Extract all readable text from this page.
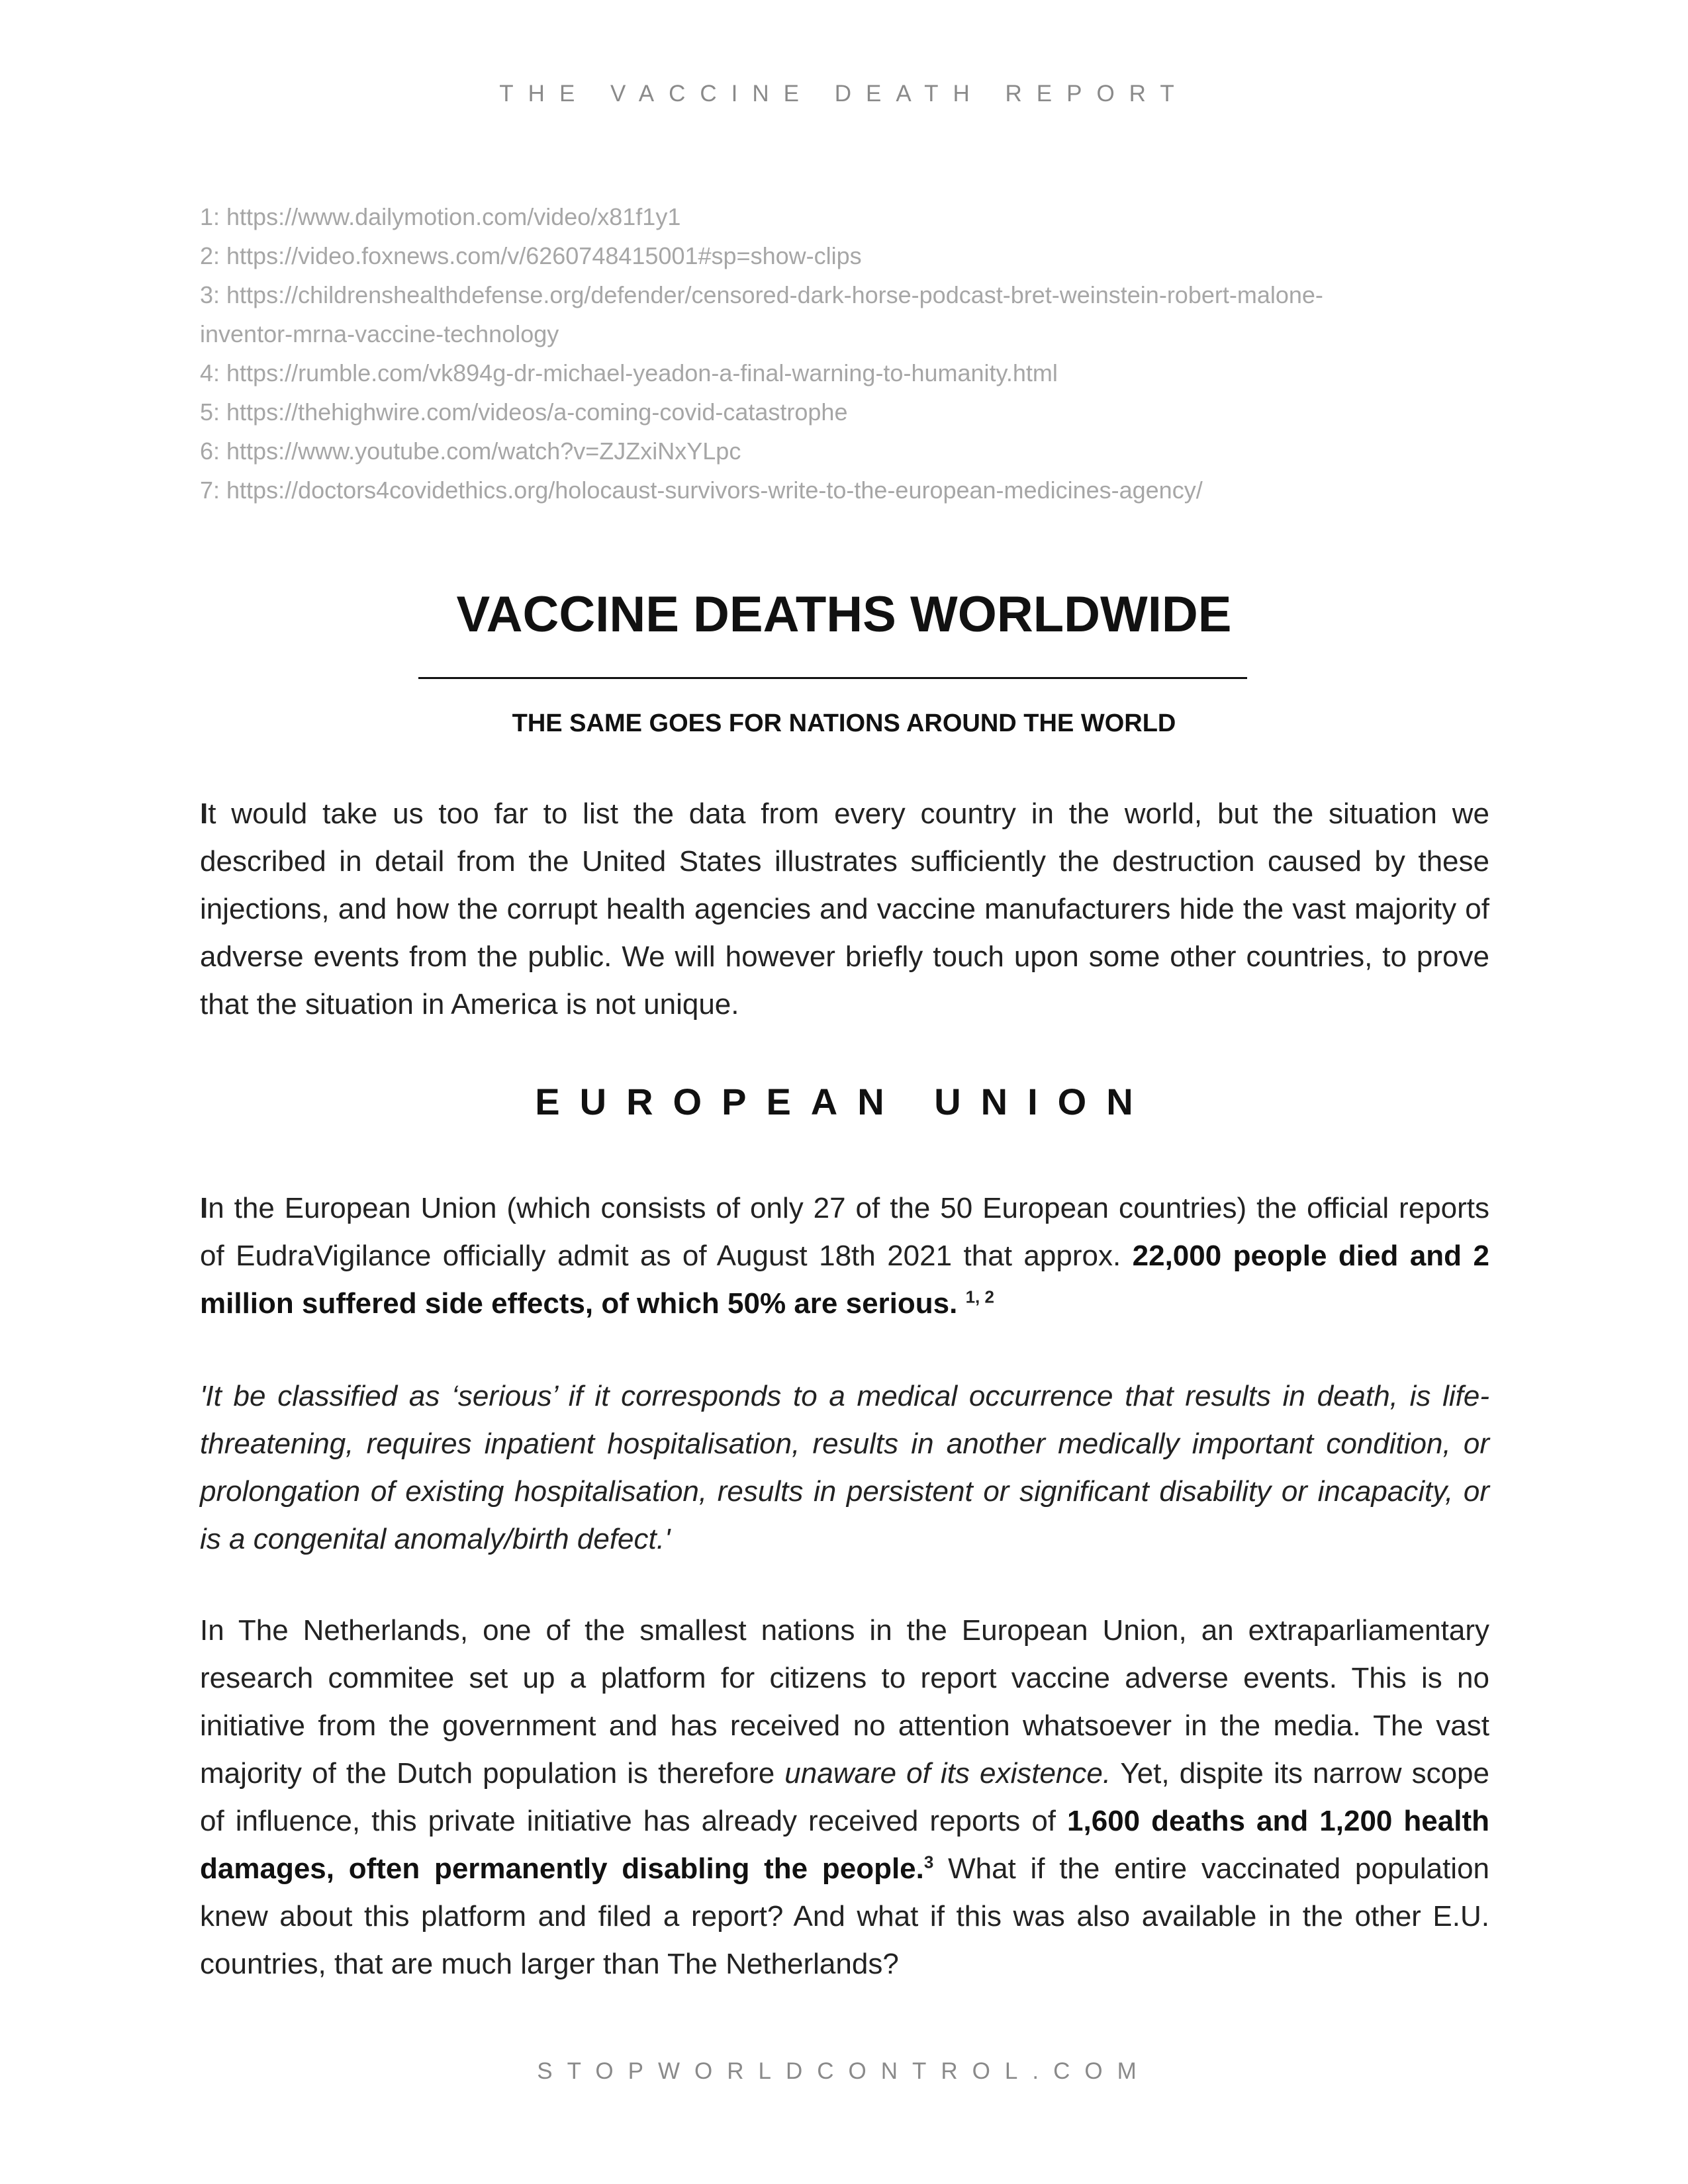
THE VACCINE DEATH REPORT
1: https://www.dailymotion.com/video/x81f1y1
2: https://video.foxnews.com/v/6260748415001#sp=show-clips
3: https://childrenshealthdefense.org/defender/censored-dark-horse-podcast-bret-weinstein-robert-malone-
inventor-mrna-vaccine-technology
4: https://rumble.com/vk894g-dr-michael-yeadon-a-final-warning-to-humanity.html
5: https://thehighwire.com/videos/a-coming-covid-catastrophe
6: https://www.youtube.com/watch?v=ZJZxiNxYLpc
7: https://doctors4covidethics.org/holocaust-survivors-write-to-the-european-medicines-agency/
VACCINE DEATHS WORLDWIDE
THE SAME GOES FOR NATIONS AROUND THE WORLD

It would take us too far to list the data from every country in the world, but the situation we described in detail from the United States illustrates sufficiently the destruction caused by these injections, and how the corrupt health agencies and vaccine manufacturers hide the vast majority of adverse events from the public. We will however briefly touch upon some other countries, to prove that the situation in America is not unique.

EUROPEAN UNION

In the European Union (which consists of only 27 of the 50 European countries) the official reports of EudraVigilance officially admit as of August 18th 2021 that approx. 22,000 people died and 2 million suffered side effects, of which 50% are serious. $^{1, 2}$

'It be classified as ‘serious’ if it corresponds to a medical occurrence that results in death, is life-threatening, requires inpatient hospitalisation, results in another medically important condition, or prolongation of existing hospitalisation, results in persistent or significant disability or incapacity, or is a congenital anomaly/birth defect.'

In The Netherlands, one of the smallest nations in the European Union, an extraparliamentary research commitee set up a platform for citizens to report vaccine adverse events. This is no initiative from the government and has received no attention whatsoever in the media. The vast majority of the Dutch population is therefore unaware of its existence. Yet, dispite its narrow scope of influence, this private initiative has already received reports of 1,600 deaths and 1,200 health damages, often permanently disabling the people.$^3$ What if the entire vaccinated population knew about this platform and filed a report? And what if this was also available in the other E.U. countries, that are much larger than The Netherlands?

STOPWORLDCONTROL.COM
